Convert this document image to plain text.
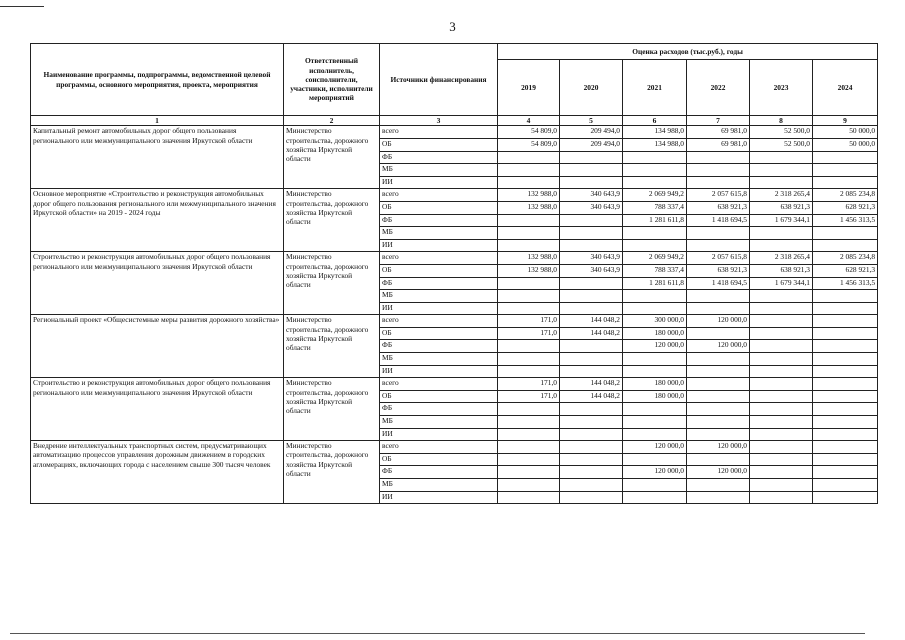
3
Наименование программы, подпрограммы, ведомственной целевой программы, основного мероприятия, проекта, мероприятия	Ответственный исполнитель, соисполнители, участники, исполнители мероприятий	Источники финансирования	Оценка расходов (тыс.руб.), годы					
			2019	2020	2021	2022	2023	2024
1	2	3	4	5	6	7	8	9
Капитальный ремонт автомобильных дорог общего пользования регионального или межмуниципального значения Иркутской области	Министерство строительства, дорожного хозяйства Иркутской области	всего	54 809,0	209 494,0	134 988,0	69 981,0	52 500,0	50 000,0
		ОБ	54 809,0	209 494,0	134 988,0	69 981,0	52 500,0	50 000,0
		ФБ						
		МБ						
		ИИ						
Основное мероприятие «Строительство и реконструкция автомобильных дорог общего пользования регионального или межмуниципального значения Иркутской области» на 2019 - 2024 годы	Министерство строительства, дорожного хозяйства Иркутской области	всего	132 988,0	340 643,9	2 069 949,2	2 057 615,8	2 318 265,4	2 085 234,8
		ОБ	132 988,0	340 643,9	788 337,4	638 921,3	638 921,3	628 921,3
		ФБ			1 281 611,8	1 418 694,5	1 679 344,1	1 456 313,5
		МБ						
		ИИ						
Строительство и реконструкция автомобильных дорог общего пользования регионального или межмуниципального значения Иркутской области	Министерство строительства, дорожного хозяйства Иркутской области	всего	132 988,0	340 643,9	2 069 949,2	2 057 615,8	2 318 265,4	2 085 234,8
		ОБ	132 988,0	340 643,9	788 337,4	638 921,3	638 921,3	628 921,3
		ФБ			1 281 611,8	1 418 694,5	1 679 344,1	1 456 313,5
		МБ						
		ИИ						
Региональный проект «Общесистемные меры развития дорожного хозяйства»	Министерство строительства, дорожного хозяйства Иркутской области	всего	171,0	144 048,2	300 000,0	120 000,0		
		ОБ	171,0	144 048,2	180 000,0			
		ФБ			120 000,0	120 000,0		
		МБ						
		ИИ						
Строительство и реконструкция автомобильных дорог общего пользования регионального или межмуниципального значения Иркутской области	Министерство строительства, дорожного хозяйства Иркутской области	всего	171,0	144 048,2	180 000,0			
		ОБ	171,0	144 048,2	180 000,0			
		ФБ						
		МБ						
		ИИ						
Внедрение интеллектуальных транспортных систем, предусматривающих автоматизацию процессов управления дорожным движением в городских агломерациях, включающих города с населением свыше 300 тысяч человек	Министерство строительства, дорожного хозяйства Иркутской области	всего			120 000,0	120 000,0		
		ОБ						
		ФБ			120 000,0	120 000,0		
		МБ						
		ИИ						
